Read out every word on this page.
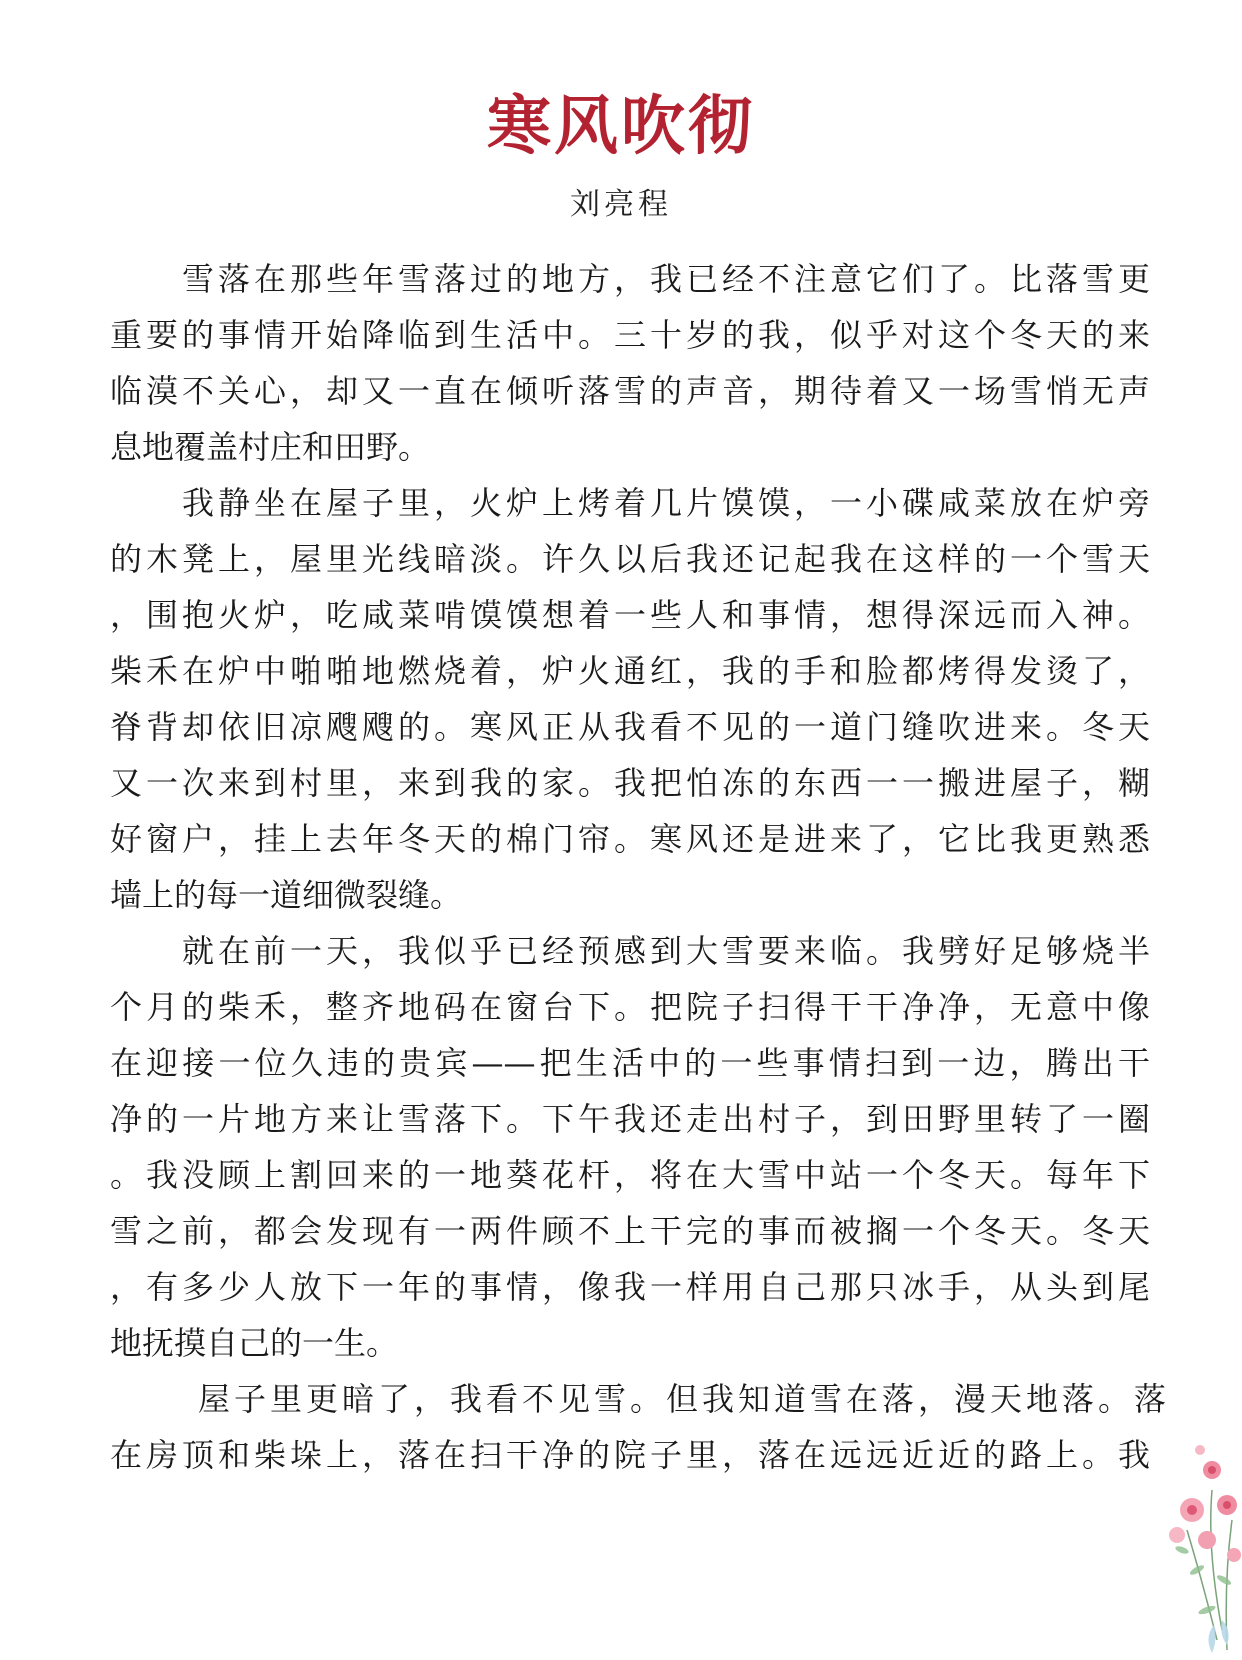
寒风吹彻
刘亮程
雪落在那些年雪落过的地方，我已经不注意它们了。比落雪更
重要的事情开始降临到生活中。三十岁的我，似乎对这个冬天的来
临漠不关心，却又一直在倾听落雪的声音，期待着又一场雪悄无声
息地覆盖村庄和田野。
我静坐在屋子里，火炉上烤着几片馍馍，一小碟咸菜放在炉旁
的木凳上，屋里光线暗淡。许久以后我还记起我在这样的一个雪天
，围抱火炉，吃咸菜啃馍馍想着一些人和事情，想得深远而入神。
柴禾在炉中啪啪地燃烧着，炉火通红，我的手和脸都烤得发烫了，
脊背却依旧凉飕飕的。寒风正从我看不见的一道门缝吹进来。冬天
又一次来到村里，来到我的家。我把怕冻的东西一一搬进屋子，糊
好窗户，挂上去年冬天的棉门帘。寒风还是进来了，它比我更熟悉
墙上的每一道细微裂缝。
就在前一天，我似乎已经预感到大雪要来临。我劈好足够烧半
个月的柴禾，整齐地码在窗台下。把院子扫得干干净净，无意中像
在迎接一位久违的贵宾——把生活中的一些事情扫到一边，腾出干
净的一片地方来让雪落下。下午我还走出村子，到田野里转了一圈
。我没顾上割回来的一地葵花杆，将在大雪中站一个冬天。每年下
雪之前，都会发现有一两件顾不上干完的事而被搁一个冬天。冬天
，有多少人放下一年的事情，像我一样用自己那只冰手，从头到尾
地抚摸自己的一生。
屋子里更暗了，我看不见雪。但我知道雪在落，漫天地落。落
在房顶和柴垛上，落在扫干净的院子里，落在远远近近的路上。我
